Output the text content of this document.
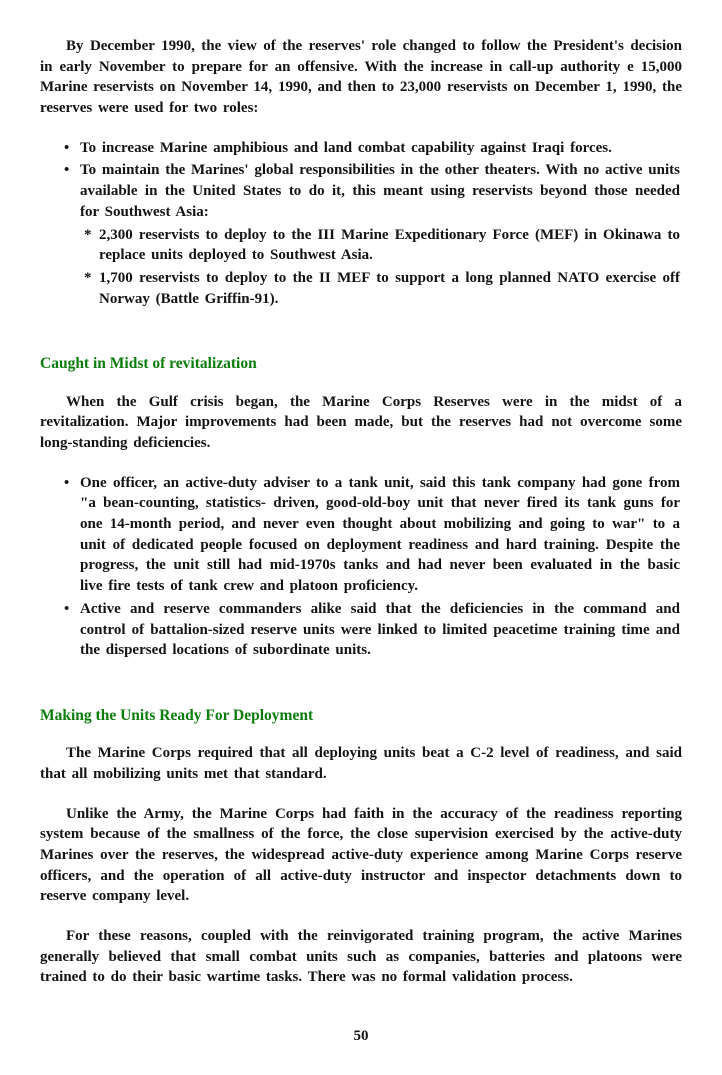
By December 1990, the view of the reserves' role changed to follow the President's decision in early November to prepare for an offensive. With the increase in call-up authority e 15,000 Marine reservists on November 14, 1990, and then to 23,000 reservists on December 1, 1990, the reserves were used for two roles:

• To increase Marine amphibious and land combat capability against Iraqi forces.
• To maintain the Marines' global responsibilities in the other theaters. With no active units available in the United States to do it, this meant using reservists beyond those needed for Southwest Asia:
* 2,300 reservists to deploy to the III Marine Expeditionary Force (MEF) in Okinawa to replace units deployed to Southwest Asia.
* 1,700 reservists to deploy to the II MEF to support a long planned NATO exercise off Norway (Battle Griffin-91).
Caught in Midst of revitalization

When the Gulf crisis began, the Marine Corps Reserves were in the midst of a revitalization. Major improvements had been made, but the reserves had not overcome some long-standing deficiencies.

• One officer, an active-duty adviser to a tank unit, said this tank company had gone from "a bean-counting, statistics- driven, good-old-boy unit that never fired its tank guns for one 14-month period, and never even thought about mobilizing and going to war" to a unit of dedicated people focused on deployment readiness and hard training. Despite the progress, the unit still had mid-1970s tanks and had never been evaluated in the basic live fire tests of tank crew and platoon proficiency.
• Active and reserve commanders alike said that the deficiencies in the command and control of battalion-sized reserve units were linked to limited peacetime training time and the dispersed locations of subordinate units.
Making the Units Ready For Deployment

The Marine Corps required that all deploying units beat a C-2 level of readiness, and said that all mobilizing units met that standard.

Unlike the Army, the Marine Corps had faith in the accuracy of the readiness reporting system because of the smallness of the force, the close supervision exercised by the active-duty Marines over the reserves, the widespread active-duty experience among Marine Corps reserve officers, and the operation of all active-duty instructor and inspector detachments down to reserve company level.

For these reasons, coupled with the reinvigorated training program, the active Marines generally believed that small combat units such as companies, batteries and platoons were trained to do their basic wartime tasks. There was no formal validation process.

50
